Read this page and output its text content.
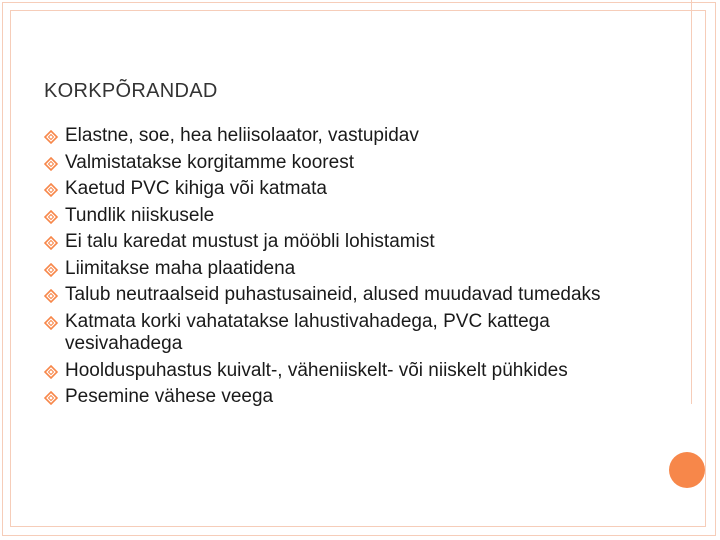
KORKPÕRANDAD
Elastne, soe, hea heliisolaator, vastupidav
Valmistatakse korgitamme koorest
Kaetud PVC kihiga või katmata
Tundlik niiskusele
Ei talu karedat mustust ja mööbli lohistamist
Liimitakse maha plaatidena
Talub neutraalseid puhastusaineid, alused muudavad tumedaks
Katmata korki vahatatakse lahustivahadega, PVC kattega vesivahadega
Hoolduspuhastus kuivalt-, väheniiskelt- või niiskelt pühkides
Pesemine vähese veega
